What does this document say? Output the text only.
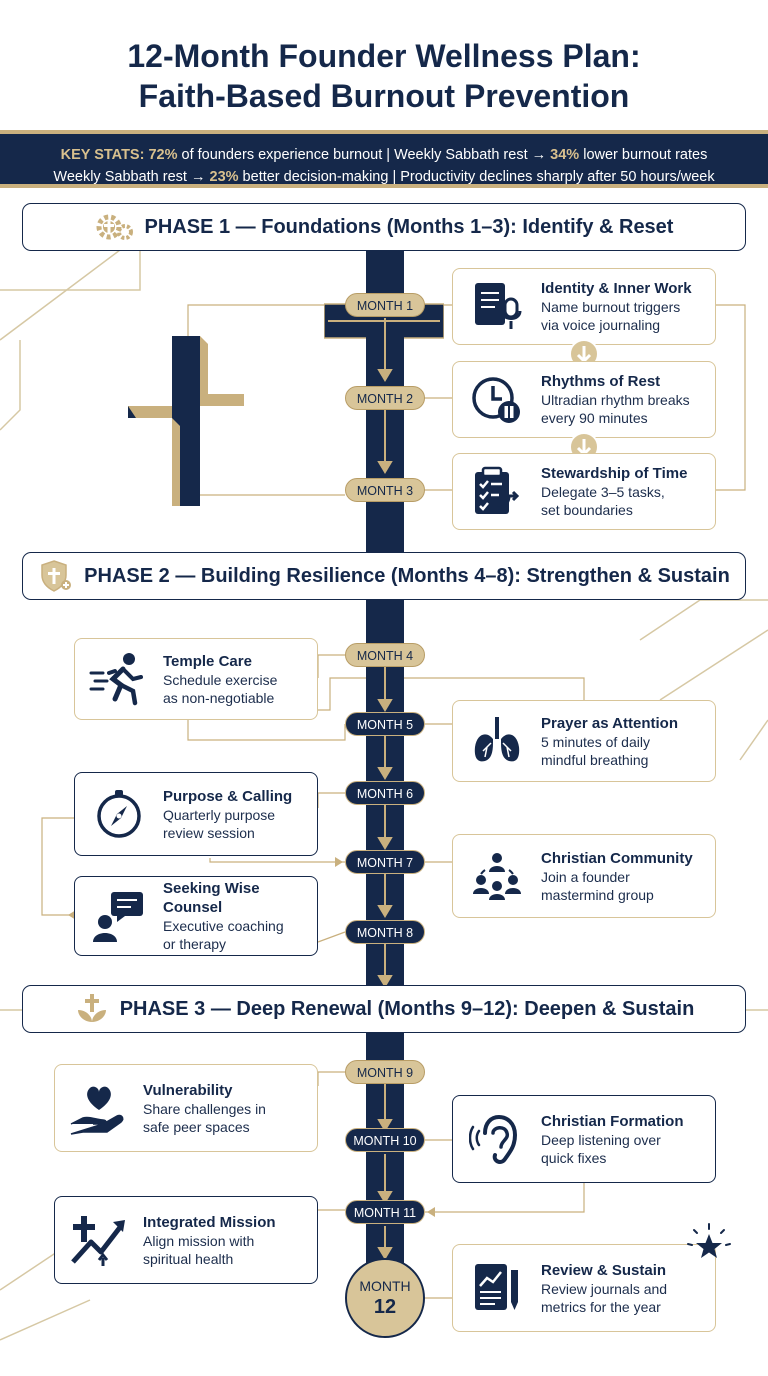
12-Month Founder Wellness Plan:
Faith-Based Burnout Prevention
KEY STATS: 72% of founders experience burnout | Weekly Sabbath rest → 34% lower burnout rates
Weekly Sabbath rest → 23% better decision-making | Productivity declines sharply after 50 hours/week
PHASE 1 — Foundations (Months 1–3): Identify & Reset
PHASE 2 — Building Resilience (Months 4–8): Strengthen & Sustain
PHASE 3 — Deep Renewal (Months 9–12): Deepen & Sustain
MONTH 1
MONTH 2
MONTH 3
MONTH 4
MONTH 5
MONTH 6
MONTH 7
MONTH 8
MONTH 9
MONTH 10
MONTH 11
MONTH
12
Identity & Inner Work
Name burnout triggers
via voice journaling
Rhythms of Rest
Ultradian rhythm breaks
every 90 minutes
Stewardship of Time
Delegate 3–5 tasks,
set boundaries
Temple Care
Schedule exercise
as non-negotiable
Prayer as Attention
5 minutes of daily
mindful breathing
Purpose & Calling
Quarterly purpose
review session
Christian Community
Join a founder
mastermind group
Seeking Wise Counsel
Executive coaching
or therapy
Vulnerability
Share challenges in
safe peer spaces	Christian Formation
Deep listening over
quick fixes
Integrated Mission
Align mission with
spiritual health
Review & Sustain
Review journals and
metrics for the year
